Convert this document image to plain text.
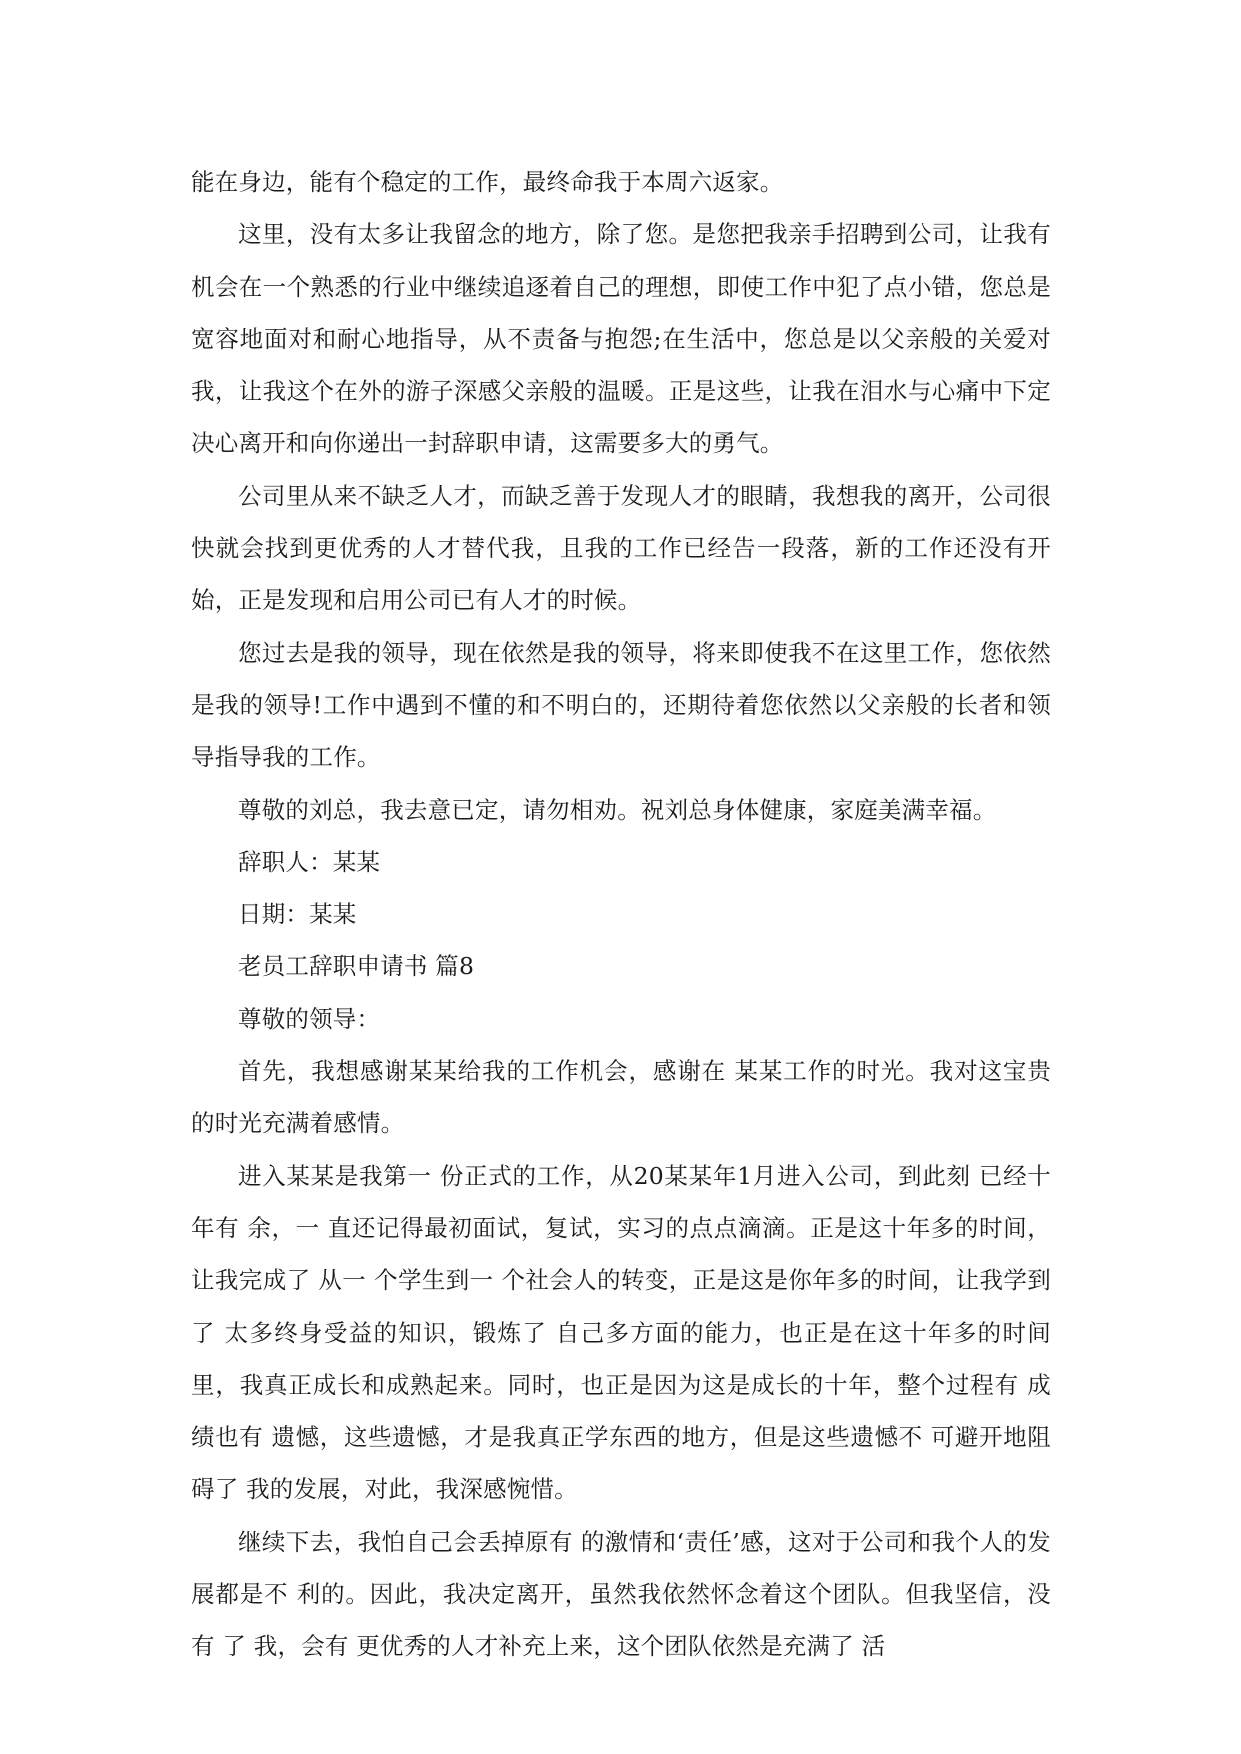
能在身边，能有个稳定的工作，最终命我于本周六返家。

这里，没有太多让我留念的地方，除了您。是您把我亲手招聘到公司，让我有机会在一个熟悉的行业中继续追逐着自己的理想，即使工作中犯了点小错，您总是宽容地面对和耐心地指导，从不责备与抱怨;在生活中，您总是以父亲般的关爱对我，让我这个在外的游子深感父亲般的温暖。正是这些，让我在泪水与心痛中下定决心离开和向你递出一封辞职申请，这需要多大的勇气。

公司里从来不缺乏人才，而缺乏善于发现人才的眼睛，我想我的离开，公司很快就会找到更优秀的人才替代我，且我的工作已经告一段落，新的工作还没有开始，正是发现和启用公司已有人才的时候。

您过去是我的领导，现在依然是我的领导，将来即使我不在这里工作，您依然是我的领导!工作中遇到不懂的和不明白的，还期待着您依然以父亲般的长者和领导指导我的工作。

尊敬的刘总，我去意已定，请勿相劝。祝刘总身体健康，家庭美满幸福。

辞职人：某某

日期：某某

老员工辞职申请书 篇8

尊敬的领导：

首先，我想感谢某某给我的工作机会，感谢在 某某工作的时光。我对这宝贵的时光充满着感情。

进入某某是我第一 份正式的工作，从20某某年1月进入公司，到此刻 已经十年有 余，一 直还记得最初面试，复试，实习的点点滴滴。正是这十年多的时间，让我完成了 从一 个学生到一 个社会人的转变，正是这是你年多的时间，让我学到了 太多终身受益的知识，锻炼了 自己多方面的能力，也正是在这十年多的时间里，我真正成长和成熟起来。同时，也正是因为这是成长的十年，整个过程有 成绩也有 遗憾，这些遗憾，才是我真正学东西的地方，但是这些遗憾不 可避开地阻碍了 我的发展，对此，我深感惋惜。

继续下去，我怕自己会丢掉原有 的激情和‘责任’感，这对于公司和我个人的发展都是不 利的。因此，我决定离开，虽然我依然怀念着这个团队。但我坚信，没有 了 我，会有 更优秀的人才补充上来，这个团队依然是充满了 活
